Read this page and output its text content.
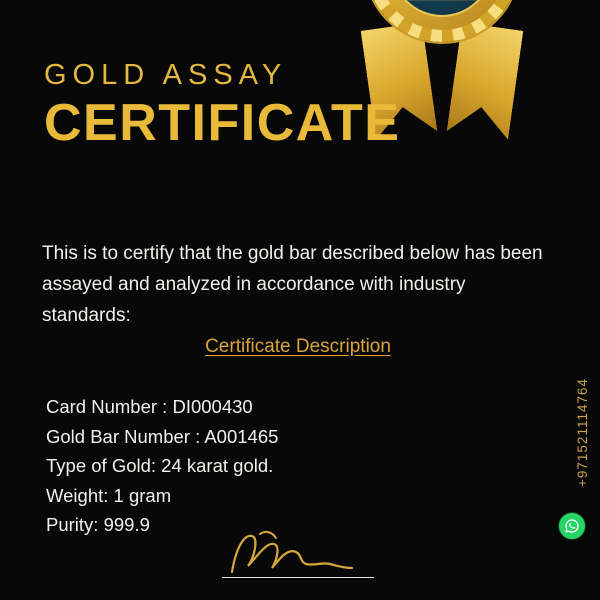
GOLD ASSAY
CERTIFICATE
This is to certify that the gold bar described below has been assayed and analyzed in accordance with industry standards:
Certificate Description
Card Number : DI000430
Gold Bar Number : A001465
Type of Gold: 24 karat gold.
Weight: 1 gram
Purity: 999.9
+971521114764
